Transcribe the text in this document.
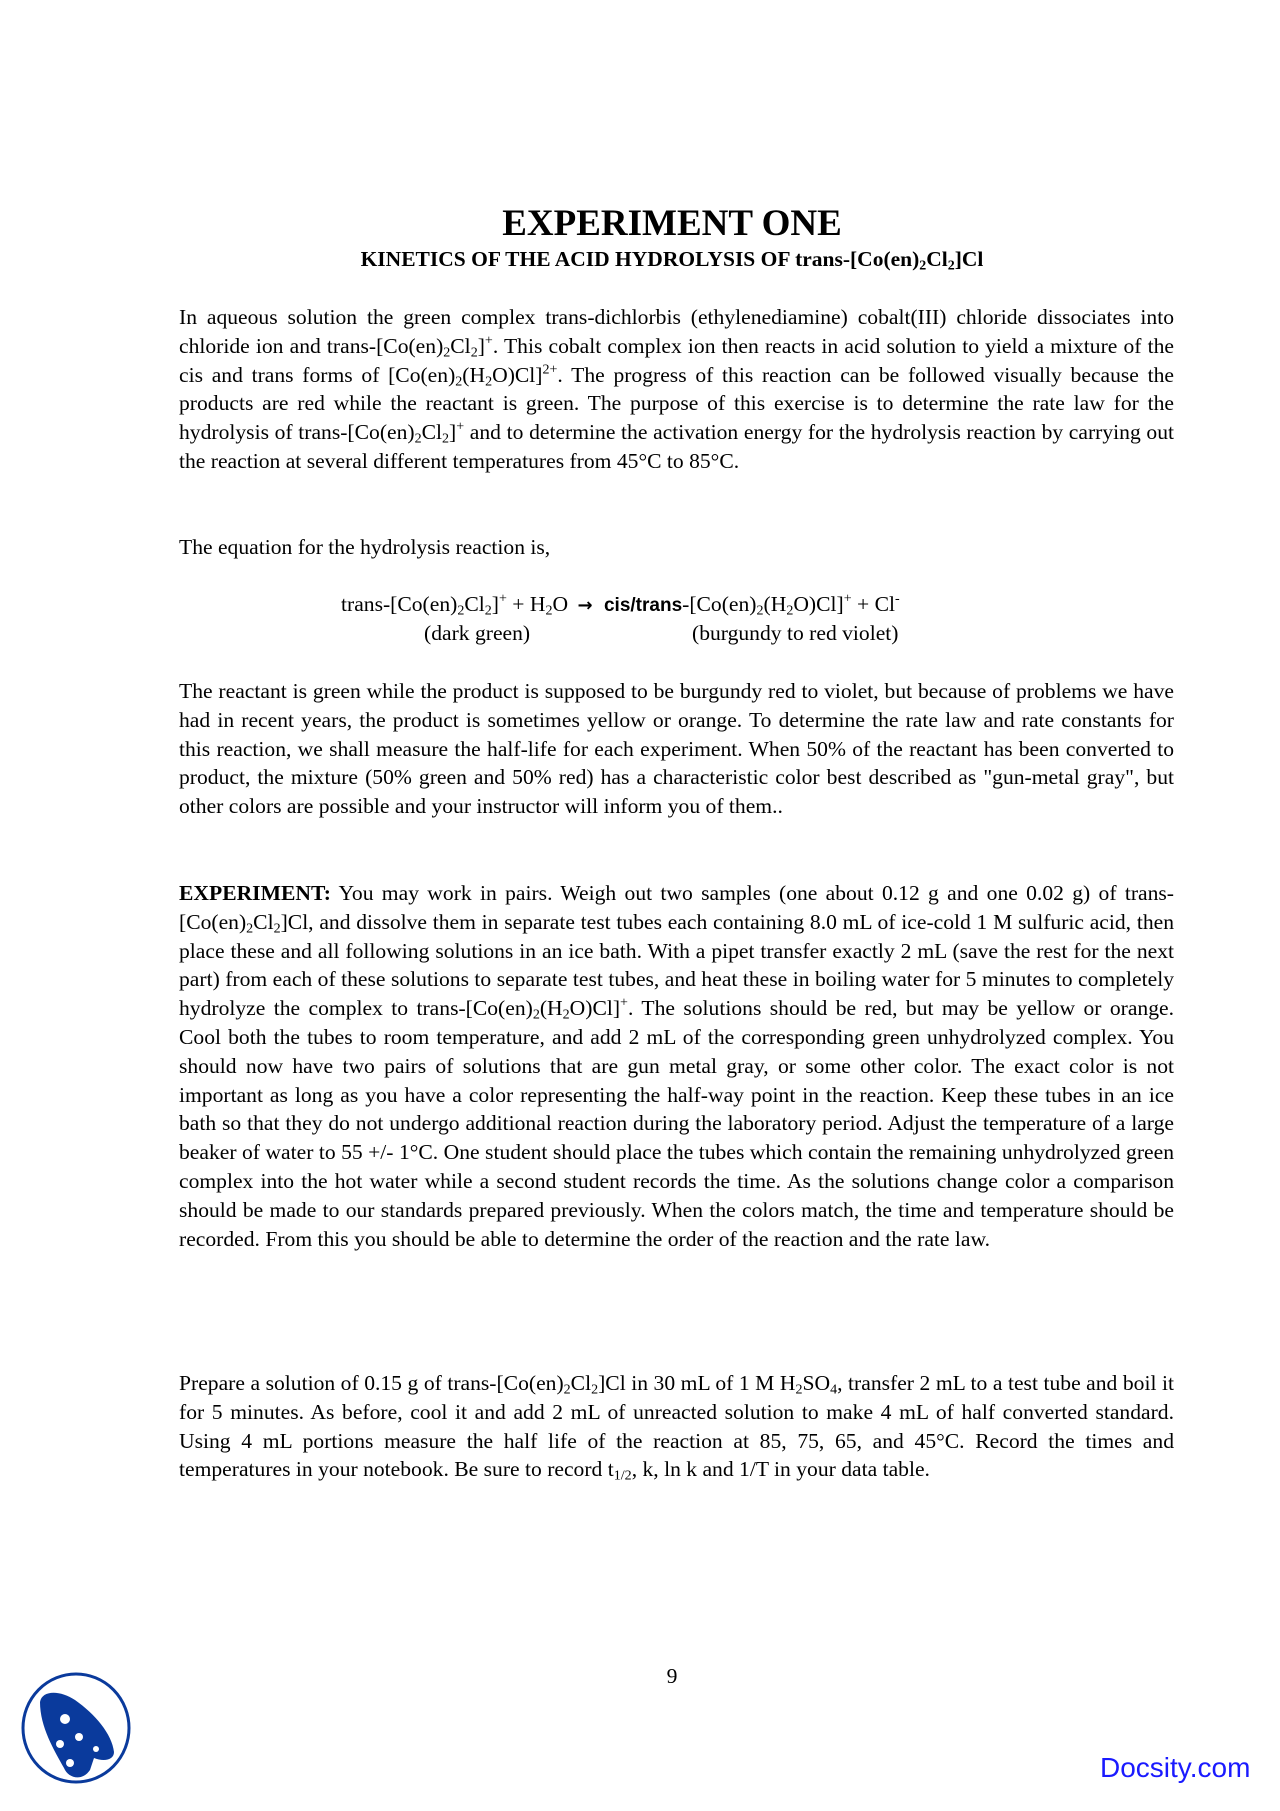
EXPERIMENT ONE
KINETICS OF THE ACID HYDROLYSIS OF trans-$[Co(en)_2Cl_2]Cl$
In aqueous solution the green complex trans-dichlorbis (ethylenediamine) cobalt(III) chloride dissociates into chloride ion and trans-$[Co(en)_2Cl_2]^+$. This cobalt complex ion then reacts in acid solution to yield a mixture of the cis and trans forms of $[Co(en)_2(H_2O)Cl]^{2+}$. The progress of this reaction can be followed visually because the products are red while the reactant is green. The purpose of this exercise is to determine the rate law for the hydrolysis of trans-$[Co(en)_2Cl_2]^+$ and to determine the activation energy for the hydrolysis reaction by carrying out the reaction at several different temperatures from 45°C to 85°C.
The equation for the hydrolysis reaction is,
trans-$[Co(en)_2Cl_2]^+ + H_2O$ → cis/$trans-[Co(en)_2(H_2O)Cl]^+ + Cl^-$
(dark green)	(burgundy to red violet)
The reactant is green while the product is supposed to be burgundy red to violet, but because of problems we have had in recent years, the product is sometimes yellow or orange. To determine the rate law and rate constants for this reaction, we shall measure the half-life for each experiment. When 50% of the reactant has been converted to product, the mixture (50% green and 50% red) has a characteristic color best described as "gun-metal gray", but other colors are possible and your instructor will inform you of them..
EXPERIMENT: You may work in pairs. Weigh out two samples (one about 0.12 g and one 0.02 g) of trans-$[Co(en)_2Cl_2]Cl$, and dissolve them in separate test tubes each containing 8.0 mL of ice-cold 1 M sulfuric acid, then place these and all following solutions in an ice bath. With a pipet transfer exactly 2 mL (save the rest for the next part) from each of these solutions to separate test tubes, and heat these in boiling water for 5 minutes to completely hydrolyze the complex to trans-$[Co(en)_2(H_2O)Cl]^+$. The solutions should be red, but may be yellow or orange. Cool both the tubes to room temperature, and add 2 mL of the corresponding green unhydrolyzed complex. You should now have two pairs of solutions that are gun metal gray, or some other color. The exact color is not important as long as you have a color representing the half-way point in the reaction. Keep these tubes in an ice bath so that they do not undergo additional reaction during the laboratory period. Adjust the temperature of a large beaker of water to 55 +/- 1°C. One student should place the tubes which contain the remaining unhydrolyzed green complex into the hot water while a second student records the time. As the solutions change color a comparison should be made to our standards prepared previously. When the colors match, the time and temperature should be recorded. From this you should be able to determine the order of the reaction and the rate law.
Prepare a solution of 0.15 g of trans-$[Co(en)_2Cl_2]Cl$ in 30 mL of 1 M $H_2SO_4$, transfer 2 mL to a test tube and boil it for 5 minutes. As before, cool it and add 2 mL of unreacted solution to make 4 mL of half converted standard. Using 4 mL portions measure the half life of the reaction at 85, 75, 65, and 45°C. Record the times and temperatures in your notebook. Be sure to record $t_{1/2}$, k, ln k and 1/T in your data table.
9
Docsity.com
